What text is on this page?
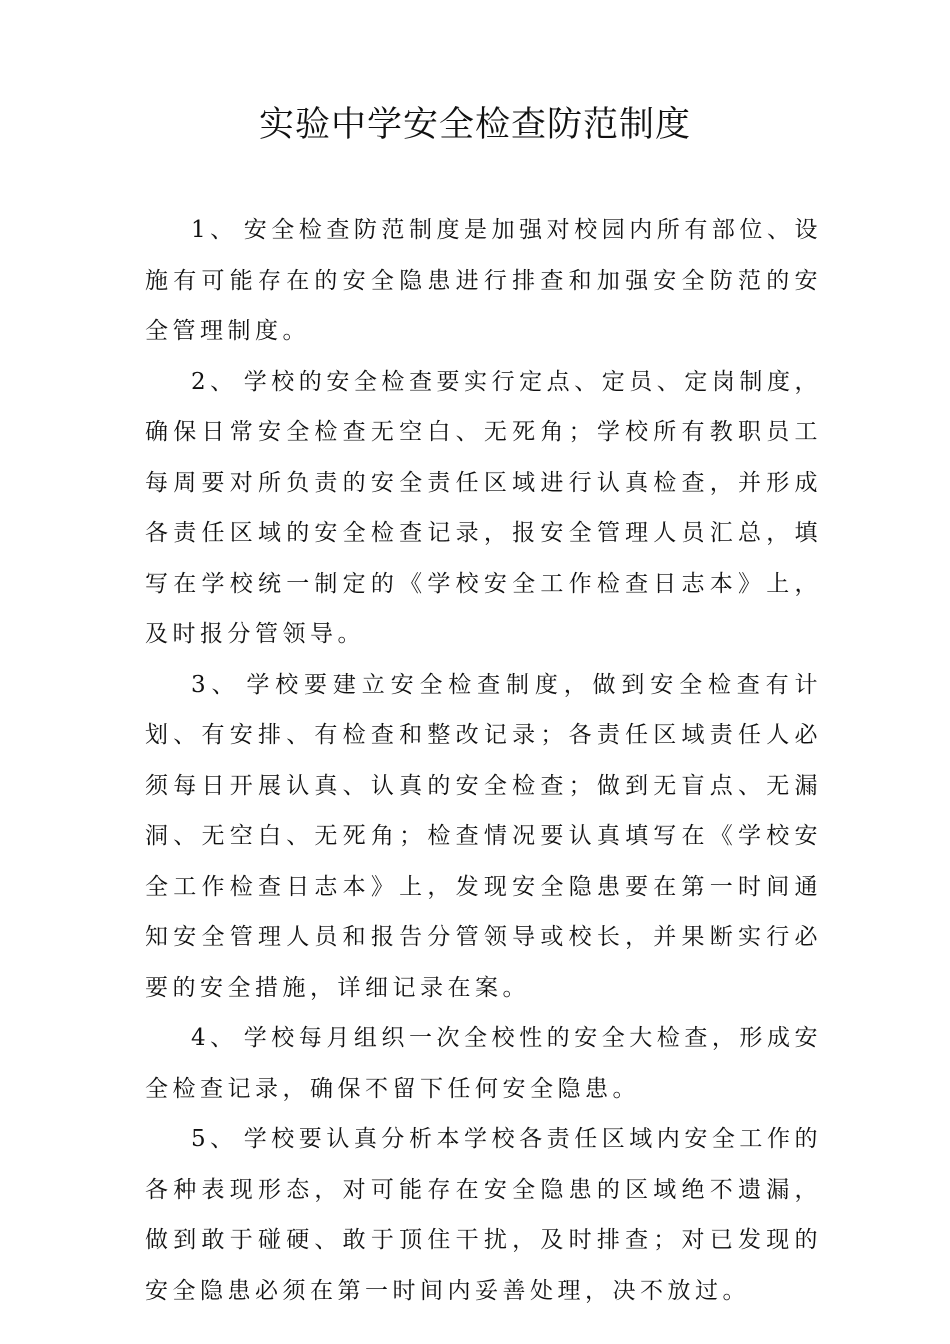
实验中学安全检查防范制度

1、 安全检查防范制度是加强对校园内所有部位、设施有可能存在的安全隐患进行排查和加强安全防范的安全管理制度。

2、 学校的安全检查要实行定点、定员、定岗制度，确保日常安全检查无空白、无死角；学校所有教职员工每周要对所负责的安全责任区域进行认真检查，并形成各责任区域的安全检查记录，报安全管理人员汇总，填写在学校统一制定的《学校安全工作检查日志本》上，及时报分管领导。

3、 学校要建立安全检查制度，做到安全检查有计划、有安排、有检查和整改记录；各责任区域责任人必须每日开展认真、认真的安全检查；做到无盲点、无漏洞、无空白、无死角；检查情况要认真填写在《学校安全工作检查日志本》上，发现安全隐患要在第一时间通知安全管理人员和报告分管领导或校长，并果断实行必要的安全措施，详细记录在案。

4、 学校每月组织一次全校性的安全大检查，形成安全检查记录，确保不留下任何安全隐患。

5、 学校要认真分析本学校各责任区域内安全工作的各种表现形态，对可能存在安全隐患的区域绝不遗漏，做到敢于碰硬、敢于顶住干扰，及时排查；对已发现的安全隐患必须在第一时间内妥善处理，决不放过。
